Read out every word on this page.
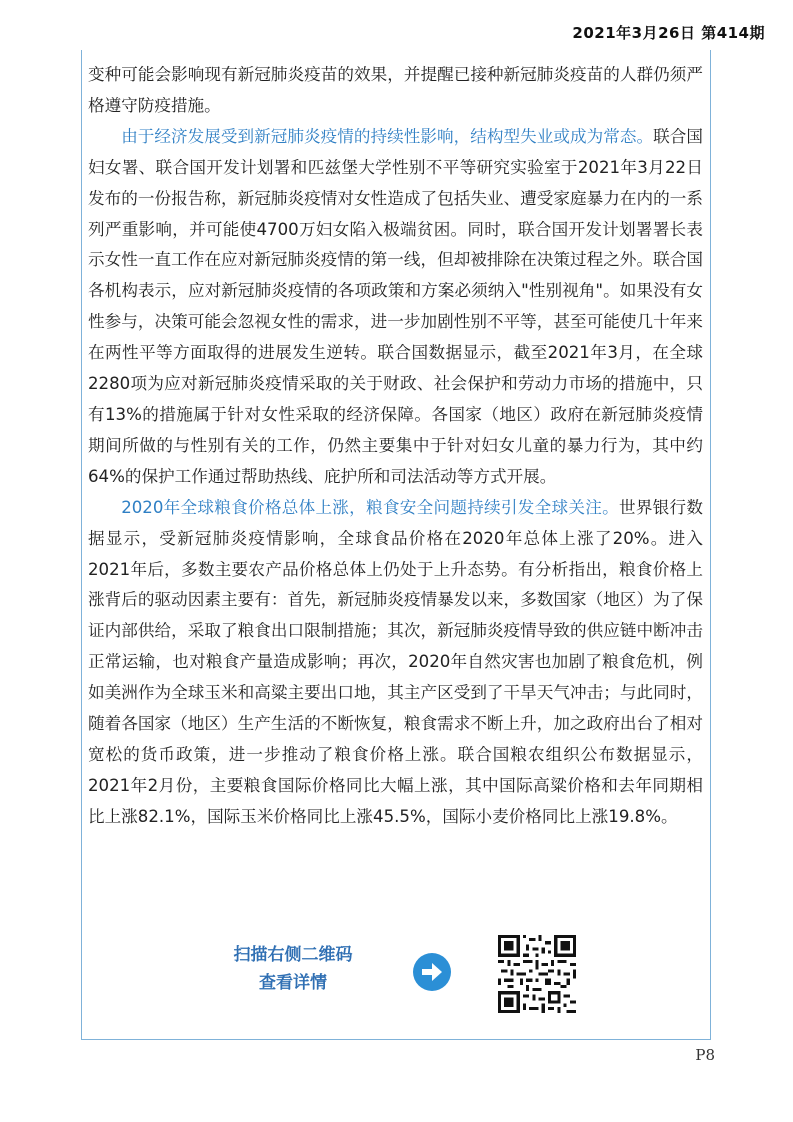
2021年3月26日 第414期

变种可能会影响现有新冠肺炎疫苗的效果，并提醒已接种新冠肺炎疫苗的人群仍须严格遵守防疫措施。

由于经济发展受到新冠肺炎疫情的持续性影响，结构型失业或成为常态。联合国妇女署、联合国开发计划署和匹兹堡大学性别不平等研究实验室于2021年3月22日发布的一份报告称，新冠肺炎疫情对女性造成了包括失业、遭受家庭暴力在内的一系列严重影响，并可能使4700万妇女陷入极端贫困。同时，联合国开发计划署署长表示女性一直工作在应对新冠肺炎疫情的第一线，但却被排除在决策过程之外。联合国各机构表示，应对新冠肺炎疫情的各项政策和方案必须纳入"性别视角"。如果没有女性参与，决策可能会忽视女性的需求，进一步加剧性别不平等，甚至可能使几十年来在两性平等方面取得的进展发生逆转。联合国数据显示，截至2021年3月，在全球2280项为应对新冠肺炎疫情采取的关于财政、社会保护和劳动力市场的措施中，只有13%的措施属于针对女性采取的经济保障。各国家（地区）政府在新冠肺炎疫情期间所做的与性别有关的工作，仍然主要集中于针对妇女儿童的暴力行为，其中约64%的保护工作通过帮助热线、庇护所和司法活动等方式开展。

2020年全球粮食价格总体上涨，粮食安全问题持续引发全球关注。世界银行数据显示，受新冠肺炎疫情影响，全球食品价格在2020年总体上涨了20%。进入2021年后，多数主要农产品价格总体上仍处于上升态势。有分析指出，粮食价格上涨背后的驱动因素主要有：首先，新冠肺炎疫情暴发以来，多数国家（地区）为了保证内部供给，采取了粮食出口限制措施；其次，新冠肺炎疫情导致的供应链中断冲击正常运输，也对粮食产量造成影响；再次，2020年自然灾害也加剧了粮食危机，例如美洲作为全球玉米和高粱主要出口地，其主产区受到了干旱天气冲击；与此同时，随着各国家（地区）生产生活的不断恢复，粮食需求不断上升，加之政府出台了相对宽松的货币政策，进一步推动了粮食价格上涨。联合国粮农组织公布数据显示，2021年2月份，主要粮食国际价格同比大幅上涨，其中国际高粱价格和去年同期相比上涨82.1%，国际玉米价格同比上涨45.5%，国际小麦价格同比上涨19.8%。

扫描右侧二维码
查看详情
P8
